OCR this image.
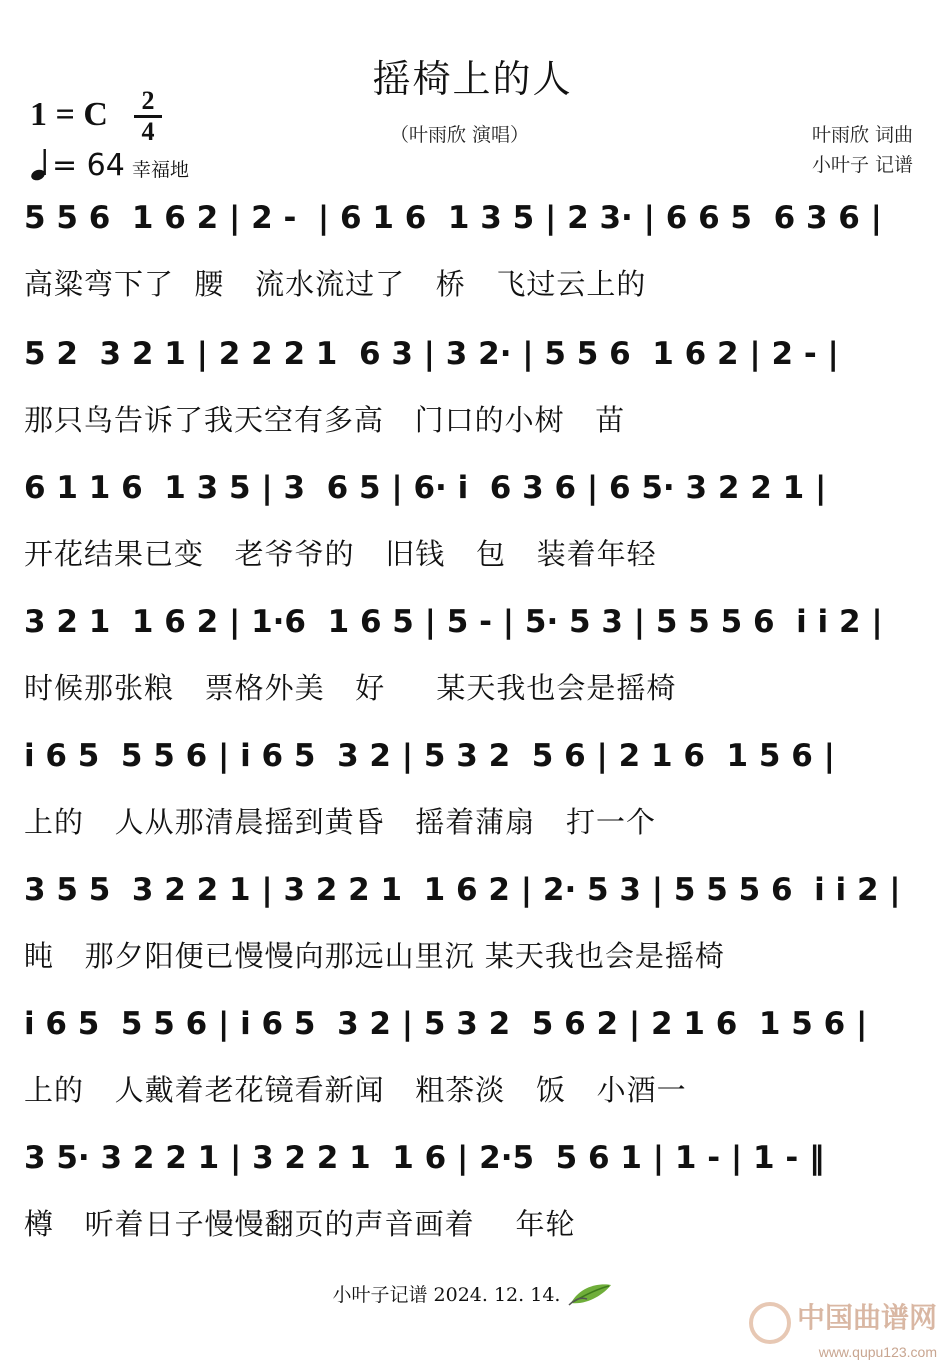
摇椅上的人
（叶雨欣 演唱）	叶雨欣 词曲
小叶子 记谱
1 = C	2
4
= 64 幸福地
5 5 6  1 6 2 | 2 -  | 6 1 6  1 3 5 | 2 3· | 6 6 5  6 3 6 |
高粱弯下了  腰   流水流过了   桥   飞过云上的
5 2  3 2 1 | 2 2 2 1  6 3 | 3 2· | 5 5 6  1 6 2 | 2 - |
那只鸟告诉了我天空有多高   门口的小树   苗
6 1 1 6  1 3 5 | 3  6 5 | 6· i  6 3 6 | 6 5· 3 2 2 1 |
开花结果已变   老爷爷的   旧钱   包   装着年轻
3 2 1  1 6 2 | 1·6  1 6 5 | 5 - | 5· 5 3 | 5 5 5 6  i i 2 |
时候那张粮   票格外美   好     某天我也会是摇椅
i 6 5  5 5 6 | i 6 5  3 2 | 5 3 2  5 6 | 2 1 6  1 5 6 |
上的   人从那清晨摇到黄昏   摇着蒲扇   打一个
3 5 5  3 2 2 1 | 3 2 2 1  1 6 2 | 2· 5 3 | 5 5 5 6  i i 2 |
盹   那夕阳便已慢慢向那远山里沉 某天我也会是摇椅
i 6 5  5 5 6 | i 6 5  3 2 | 5 3 2  5 6 2 | 2 1 6  1 5 6 |
上的   人戴着老花镜看新闻   粗茶淡   饭   小酒一
3 5· 3 2 2 1 | 3 2 2 1  1 6 | 2·5  5 6 1 | 1 - | 1 - ‖
樽   听着日子慢慢翻页的声音画着    年轮
小叶子记谱 2024. 12. 14.
中国曲谱网
www.qupu123.com
